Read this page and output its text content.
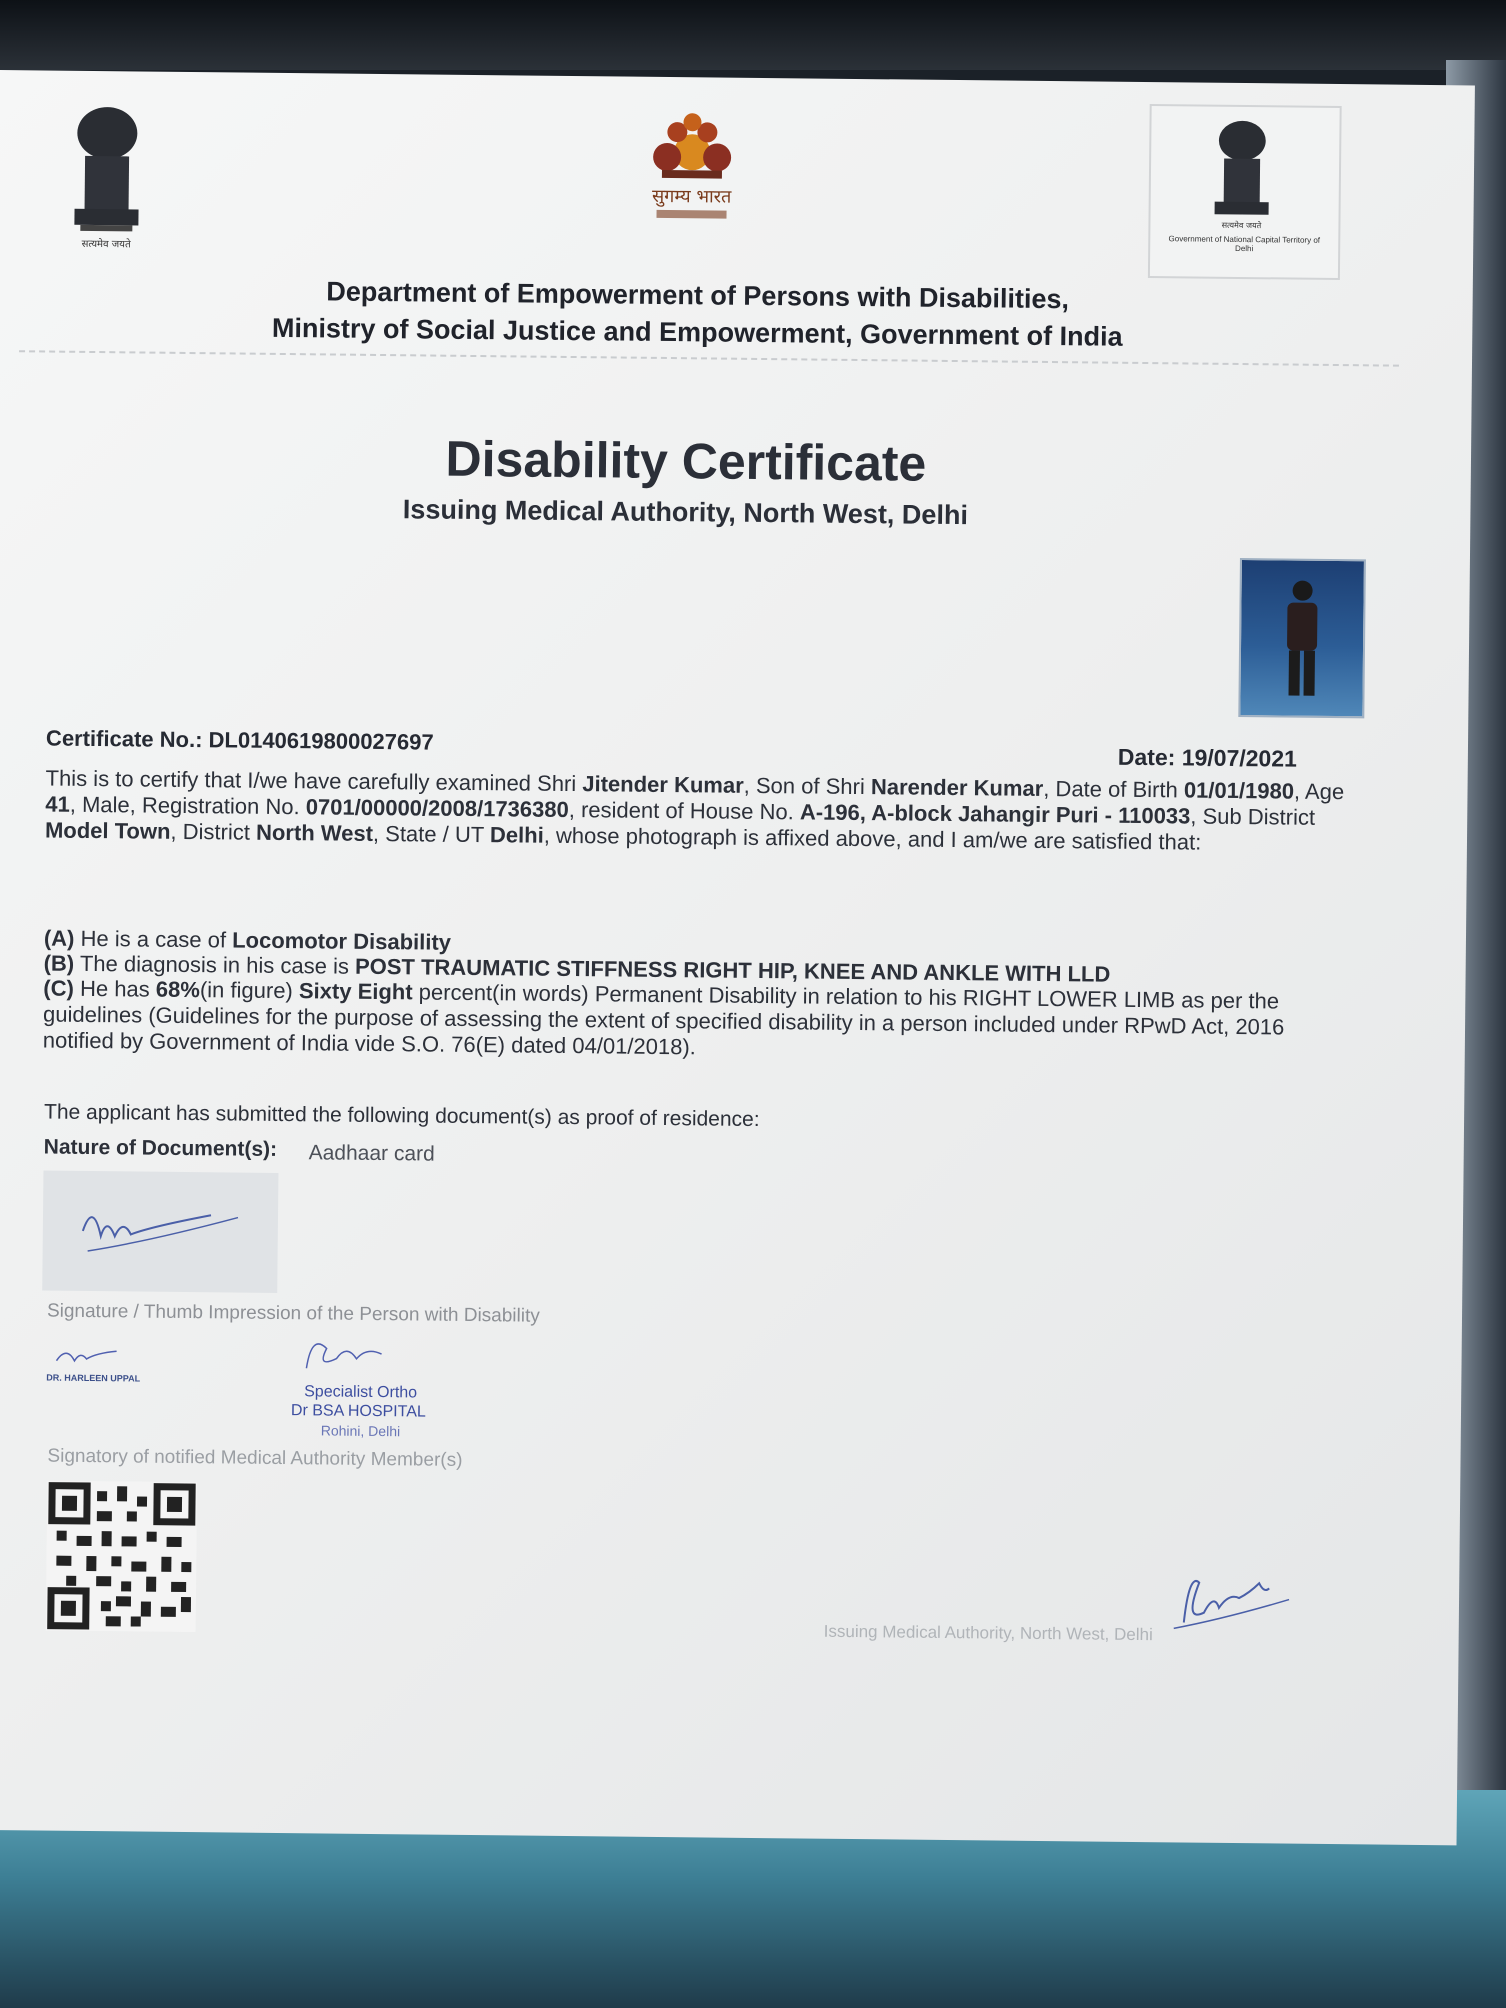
सत्यमेव जयते
सुगम्य भारत
सत्यमेव जयते
Government of National Capital Territory of Delhi
Department of Empowerment of Persons with Disabilities,
Ministry of Social Justice and Empowerment, Government of India
Disability Certificate
Issuing Medical Authority, North West, Delhi
Certificate No.: DL0140619800027697
Date: 19/07/2021
This is to certify that I/we have carefully examined Shri Jitender Kumar, Son of Shri Narender Kumar, Date of Birth 01/01/1980, Age 41, Male, Registration No. 0701/00000/2008/1736380, resident of House No. A-196, A-block Jahangir Puri - 110033, Sub District Model Town, District North West, State / UT Delhi, whose photograph is affixed above, and I am/we are satisfied that:
(A) He is a case of Locomotor Disability
(B) The diagnosis in his case is POST TRAUMATIC STIFFNESS RIGHT HIP, KNEE AND ANKLE WITH LLD
(C) He has 68%(in figure) Sixty Eight percent(in words) Permanent Disability in relation to his RIGHT LOWER LIMB as per the guidelines (Guidelines for the purpose of assessing the extent of specified disability in a person included under RPwD Act, 2016 notified by Government of India vide S.O. 76(E) dated 04/01/2018).
The applicant has submitted the following document(s) as proof of residence:
Nature of Document(s): Aadhaar card
Signature / Thumb Impression of the Person with Disability
DR. HARLEEN UPPAL
Specialist Ortho
Dr BSA HOSPITAL
Rohini, Delhi
Signatory of notified Medical Authority Member(s)
Issuing Medical Authority, North West, Delhi
